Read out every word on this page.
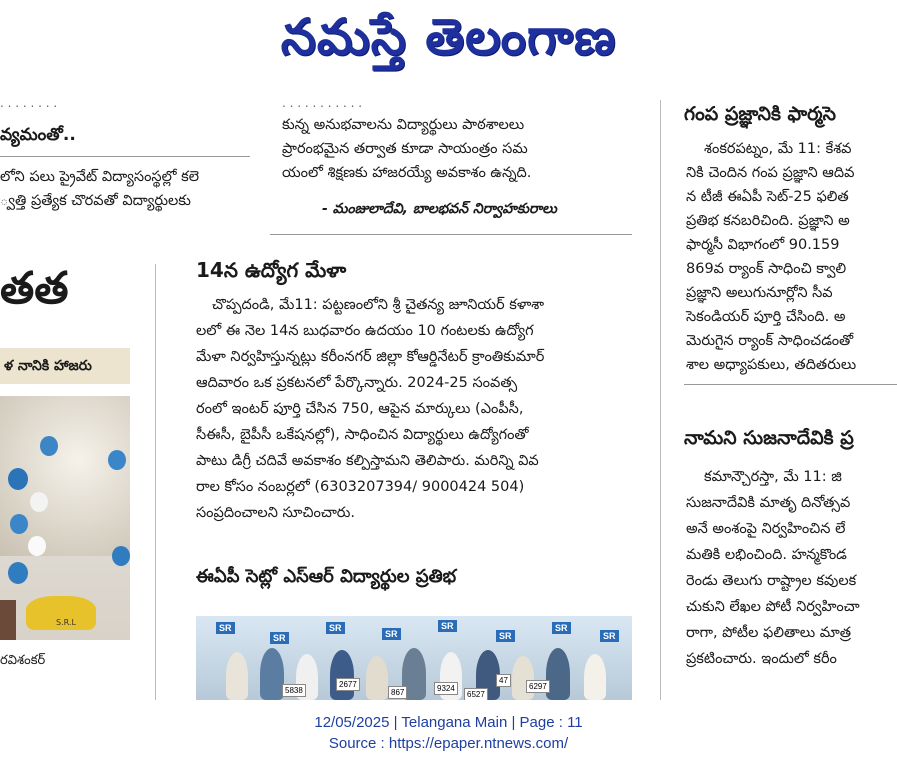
నమస్తే తెలంగాణ
. . . . . . . .
వ్యమంతో..
లోని పలు ప్రైవేట్ విద్యాసంస్థల్లో కలె
్వత్తి ప్రత్యేక చొరవతో విద్యార్థులకు
తత
ళ నానికి హాజరు
S.R.L
రవిశంకర్
. . . . . . . . . . .
కున్న అనుభవాలను విద్యార్థులు పాఠశాలలు
ప్రారంభమైన తర్వాత కూడా సాయంత్రం సమ
యంలో శిక్షణకు హాజరయ్యే అవకాశం ఉన్నది.
- మంజులాదేవి, బాలభవన్ నిర్వాహకురాలు
14న ఉద్యోగ మేళా
చొప్పదండి, మే11: పట్టణంలోని శ్రీ చైతన్య జూనియర్ కళాశా
లలో ఈ నెల 14న బుధవారం ఉదయం 10 గంటలకు ఉద్యోగ
మేళా నిర్వహిస్తున్నట్లు కరీంనగర్ జిల్లా కోఆర్డినేటర్ క్రాంతికుమార్
ఆదివారం ఒక ప్రకటనలో పేర్కొన్నారు. 2024-25 సంవత్స
రంలో ఇంటర్ పూర్తి చేసిన 750, ఆపైన మార్కులు (ఎంపీసీ,
సీఈసీ, బైపీసీ ఒకేషనల్లో), సాధించిన విద్యార్థులు ఉద్యోగంతో
పాటు డిగ్రీ చదివే అవకాశం కల్పిస్తామని తెలిపారు. మరిన్ని వివ
రాల కోసం నంబర్లలో (6303207394/ 9000424 504)
సంప్రదించాలని సూచించారు.
ఈఏపీ సెట్లో ఎస్ఆర్ విద్యార్థుల ప్రతిభ
SR
SR
SR
SR
SR
SR
SR
SR
5838
2677
867	9324
6527
6297
47
గంప ప్రజ్ఞానికి ఫార్మసె
శంకరపట్నం, మే 11: కేశవ
నికి చెందిన గంప ప్రజ్ఞాని ఆదివ
న టీజీ ఈఏపీ సెట్-25 ఫలిత
ప్రతిభ కనబరిచింది. ప్రజ్ఞాని అ
ఫార్మసీ విభాగంలో 90.159
869వ ర్యాంక్ సాధించి క్వాలి
ప్రజ్ఞాని అలుగునూర్లోని సీవ
సెకండియర్ పూర్తి చేసింది. అ
మెరుగైన ర్యాంక్ సాధించడంతో
శాల అధ్యాపకులు, తదితరులు
నామని సుజనాదేవికి ప్ర
కమాన్చౌరస్తా, మే 11: జి
సుజనాదేవికి మాతృ దినోత్సవ
అనే అంశంపై నిర్వహించిన లే
మతికి లభించింది. హన్మకొండ
రెండు తెలుగు రాష్ట్రాల కవులక
చుకుని లేఖల పోటీ నిర్వహించా
రాగా, పోటీల ఫలితాలు మాత్ర
ప్రకటించారు. ఇందులో కరీం
12/05/2025 | Telangana Main | Page : 11
Source : https://epaper.ntnews.com/
